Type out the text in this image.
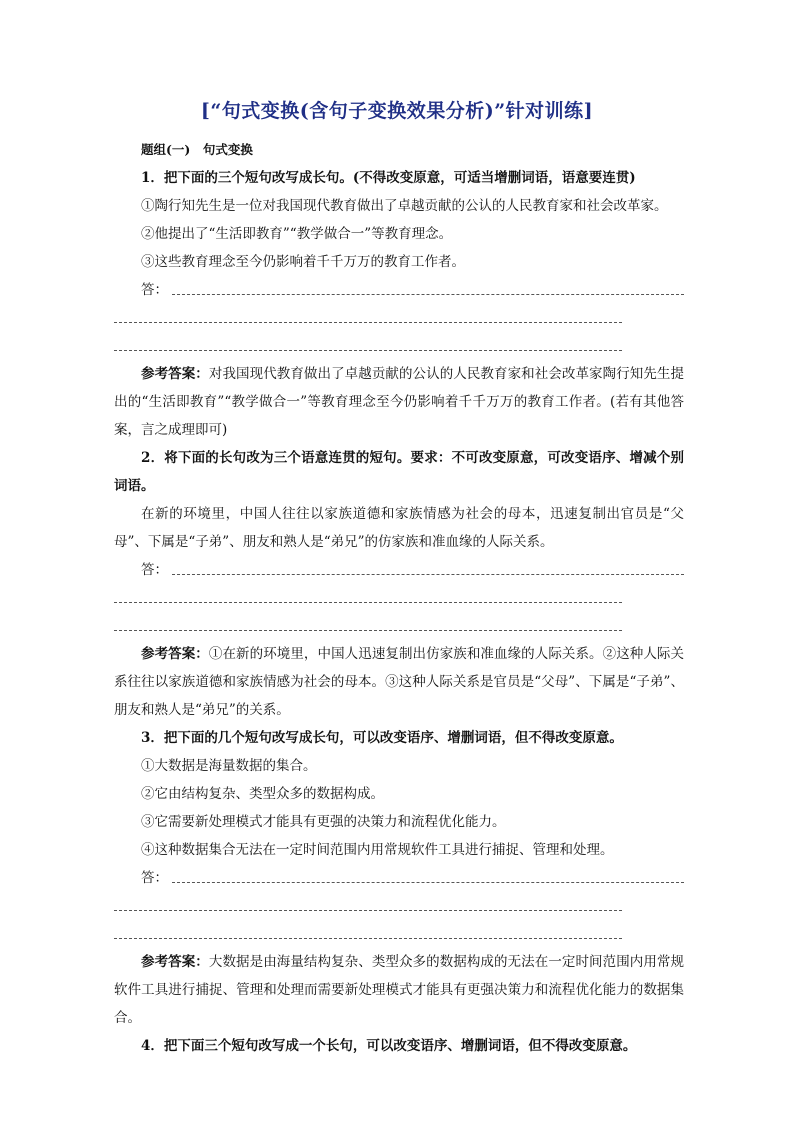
[“句式变换(含句子变换效果分析)”针对训练]
题组(一)　句式变换
1．把下面的三个短句改写成长句。(不得改变原意，可适当增删词语，语意要连贯)
①陶行知先生是一位对我国现代教育做出了卓越贡献的公认的人民教育家和社会改革家。
②他提出了“生活即教育”“教学做合一”等教育理念。
③这些教育理念至今仍影响着千千万万的教育工作者。
答：

参考答案：对我国现代教育做出了卓越贡献的公认的人民教育家和社会改革家陶行知先生提出的“生活即教育”“教学做合一”等教育理念至今仍影响着千千万万的教育工作者。(若有其他答案，言之成理即可)

2．将下面的长句改为三个语意连贯的短句。要求：不可改变原意，可改变语序、增减个别词语。

在新的环境里，中国人往往以家族道德和家族情感为社会的母本，迅速复制出官员是“父母”、下属是“子弟”、朋友和熟人是“弟兄”的仿家族和准血缘的人际关系。

答：

参考答案：①在新的环境里，中国人迅速复制出仿家族和准血缘的人际关系。②这种人际关系往往以家族道德和家族情感为社会的母本。③这种人际关系是官员是“父母”、下属是“子弟”、朋友和熟人是“弟兄”的关系。

3．把下面的几个短句改写成长句，可以改变语序、增删词语，但不得改变原意。
①大数据是海量数据的集合。
②它由结构复杂、类型众多的数据构成。
③它需要新处理模式才能具有更强的决策力和流程优化能力。
④这种数据集合无法在一定时间范围内用常规软件工具进行捕捉、管理和处理。
答：

参考答案：大数据是由海量结构复杂、类型众多的数据构成的无法在一定时间范围内用常规软件工具进行捕捉、管理和处理而需要新处理模式才能具有更强决策力和流程优化能力的数据集合。

4．把下面三个短句改写成一个长句，可以改变语序、增删词语，但不得改变原意。
